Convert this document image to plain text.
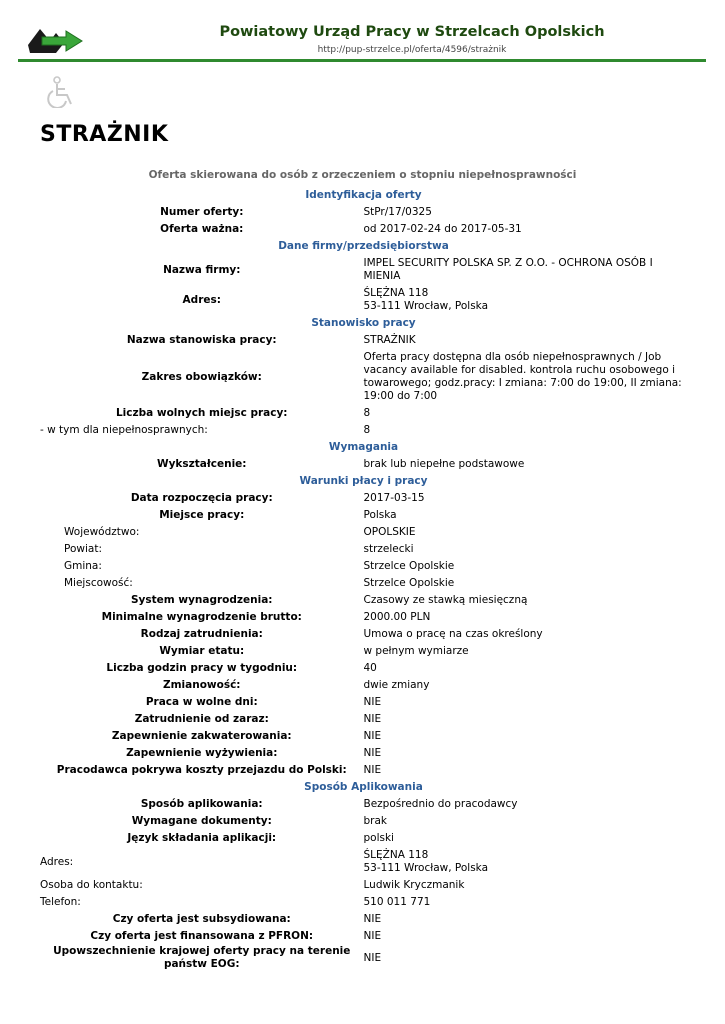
Powiatowy Urząd Pracy w Strzelcach Opolskich
http://pup-strzelce.pl/oferta/4596/strażnik
STRAŻNIK
Oferta skierowana do osób z orzeczeniem o stopniu niepełnosprawności
Identyfikacja oferty	
Numer oferty:	StPr/17/0325
Oferta ważna:	od 2017-02-24 do 2017-05-31
Dane firmy/przedsiębiorstwa	
Nazwa firmy:	IMPEL SECURITY POLSKA SP. Z O.O. - OCHRONA OSÓB I MIENIA
Adres:	ŚLĘŻNA 118
53-111 Wrocław, Polska

Stanowisko pracy	
Nazwa stanowiska pracy:	STRAŻNIK
Zakres obowiązków:	Oferta pracy dostępna dla osób niepełnosprawnych / Job vacancy available for disabled. kontrola ruchu osobowego i towarowego; godz.pracy: I zmiana: 7:00 do 19:00, II zmiana: 19:00 do 7:00
Liczba wolnych miejsc pracy:	8
- w tym dla niepełnosprawnych:	8
Wymagania	
Wykształcenie:	brak lub niepełne podstawowe
Warunki płacy i pracy	
Data rozpoczęcia pracy:	2017-03-15
Miejsce pracy:	Polska
Województwo:	OPOLSKIE
Powiat:	strzelecki
Gmina:	Strzelce Opolskie
Miejscowość:	Strzelce Opolskie
System wynagrodzenia:	Czasowy ze stawką miesięczną
Minimalne wynagrodzenie brutto:	2000.00 PLN
Rodzaj zatrudnienia:	Umowa o pracę na czas określony
Wymiar etatu:	w pełnym wymiarze
Liczba godzin pracy w tygodniu:	40
Zmianowość:	dwie zmiany
Praca w wolne dni:	NIE
Zatrudnienie od zaraz:	NIE
Zapewnienie zakwaterowania:	NIE
Zapewnienie wyżywienia:	NIE
Pracodawca pokrywa koszty przejazdu do Polski:	NIE
Sposób Aplikowania	
Sposób aplikowania:	Bezpośrednio do pracodawcy
Wymagane dokumenty:	brak
Język składania aplikacji:	polski
Adres:	ŚLĘŻNA 118
53-111 Wrocław, Polska

Osoba do kontaktu:	Ludwik Kryczmanik
Telefon:	510 011 771
Czy oferta jest subsydiowana:	NIE
Czy oferta jest finansowana z PFRON:	NIE
Upowszechnienie krajowej oferty pracy na terenie państw EOG:	NIE
